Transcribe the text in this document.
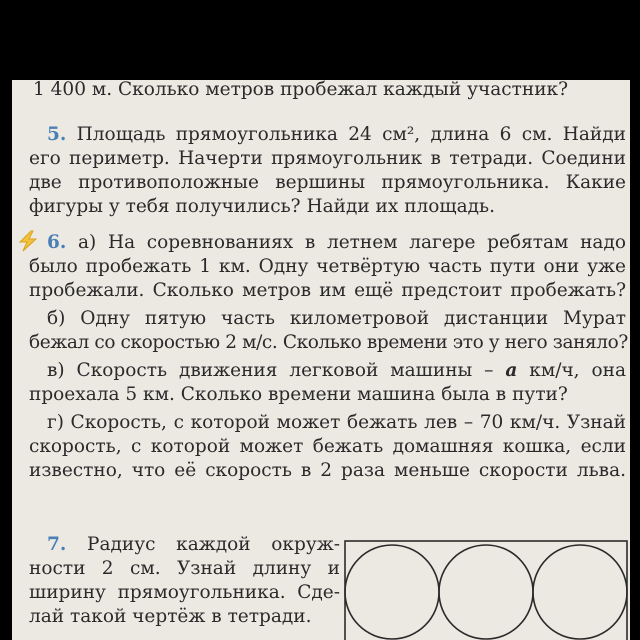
1 400 м. Сколько метров пробежал каждый участник?
5. Площадь прямоугольника 24 см², длина 6 см. Найди
его периметр. Начерти прямоугольник в тетради. Соедини
две противоположные вершины прямоугольника. Какие
фигуры у тебя получились? Найди их площадь.
6. а) На соревнованиях в летнем лагере ребятам надо
было пробежать 1 км. Одну четвёртую часть пути они уже
пробежали. Сколько метров им ещё предстоит пробежать?
б) Одну пятую часть километровой дистанции Мурат
бежал со скоростью 2 м/с. Сколько времени это у него заняло?
в) Скорость движения легковой машины – a км/ч, она
проехала 5 км. Сколько времени машина была в пути?
г) Скорость, с которой может бежать лев – 70 км/ч. Узнай
скорость, с которой может бежать домашняя кошка, если
известно, что её скорость в 2 раза меньше скорости льва.
7. Радиус каждой окруж-
ности 2 см. Узнай длину и
ширину прямоугольника. Сде-
лай такой чертёж в тетради.
